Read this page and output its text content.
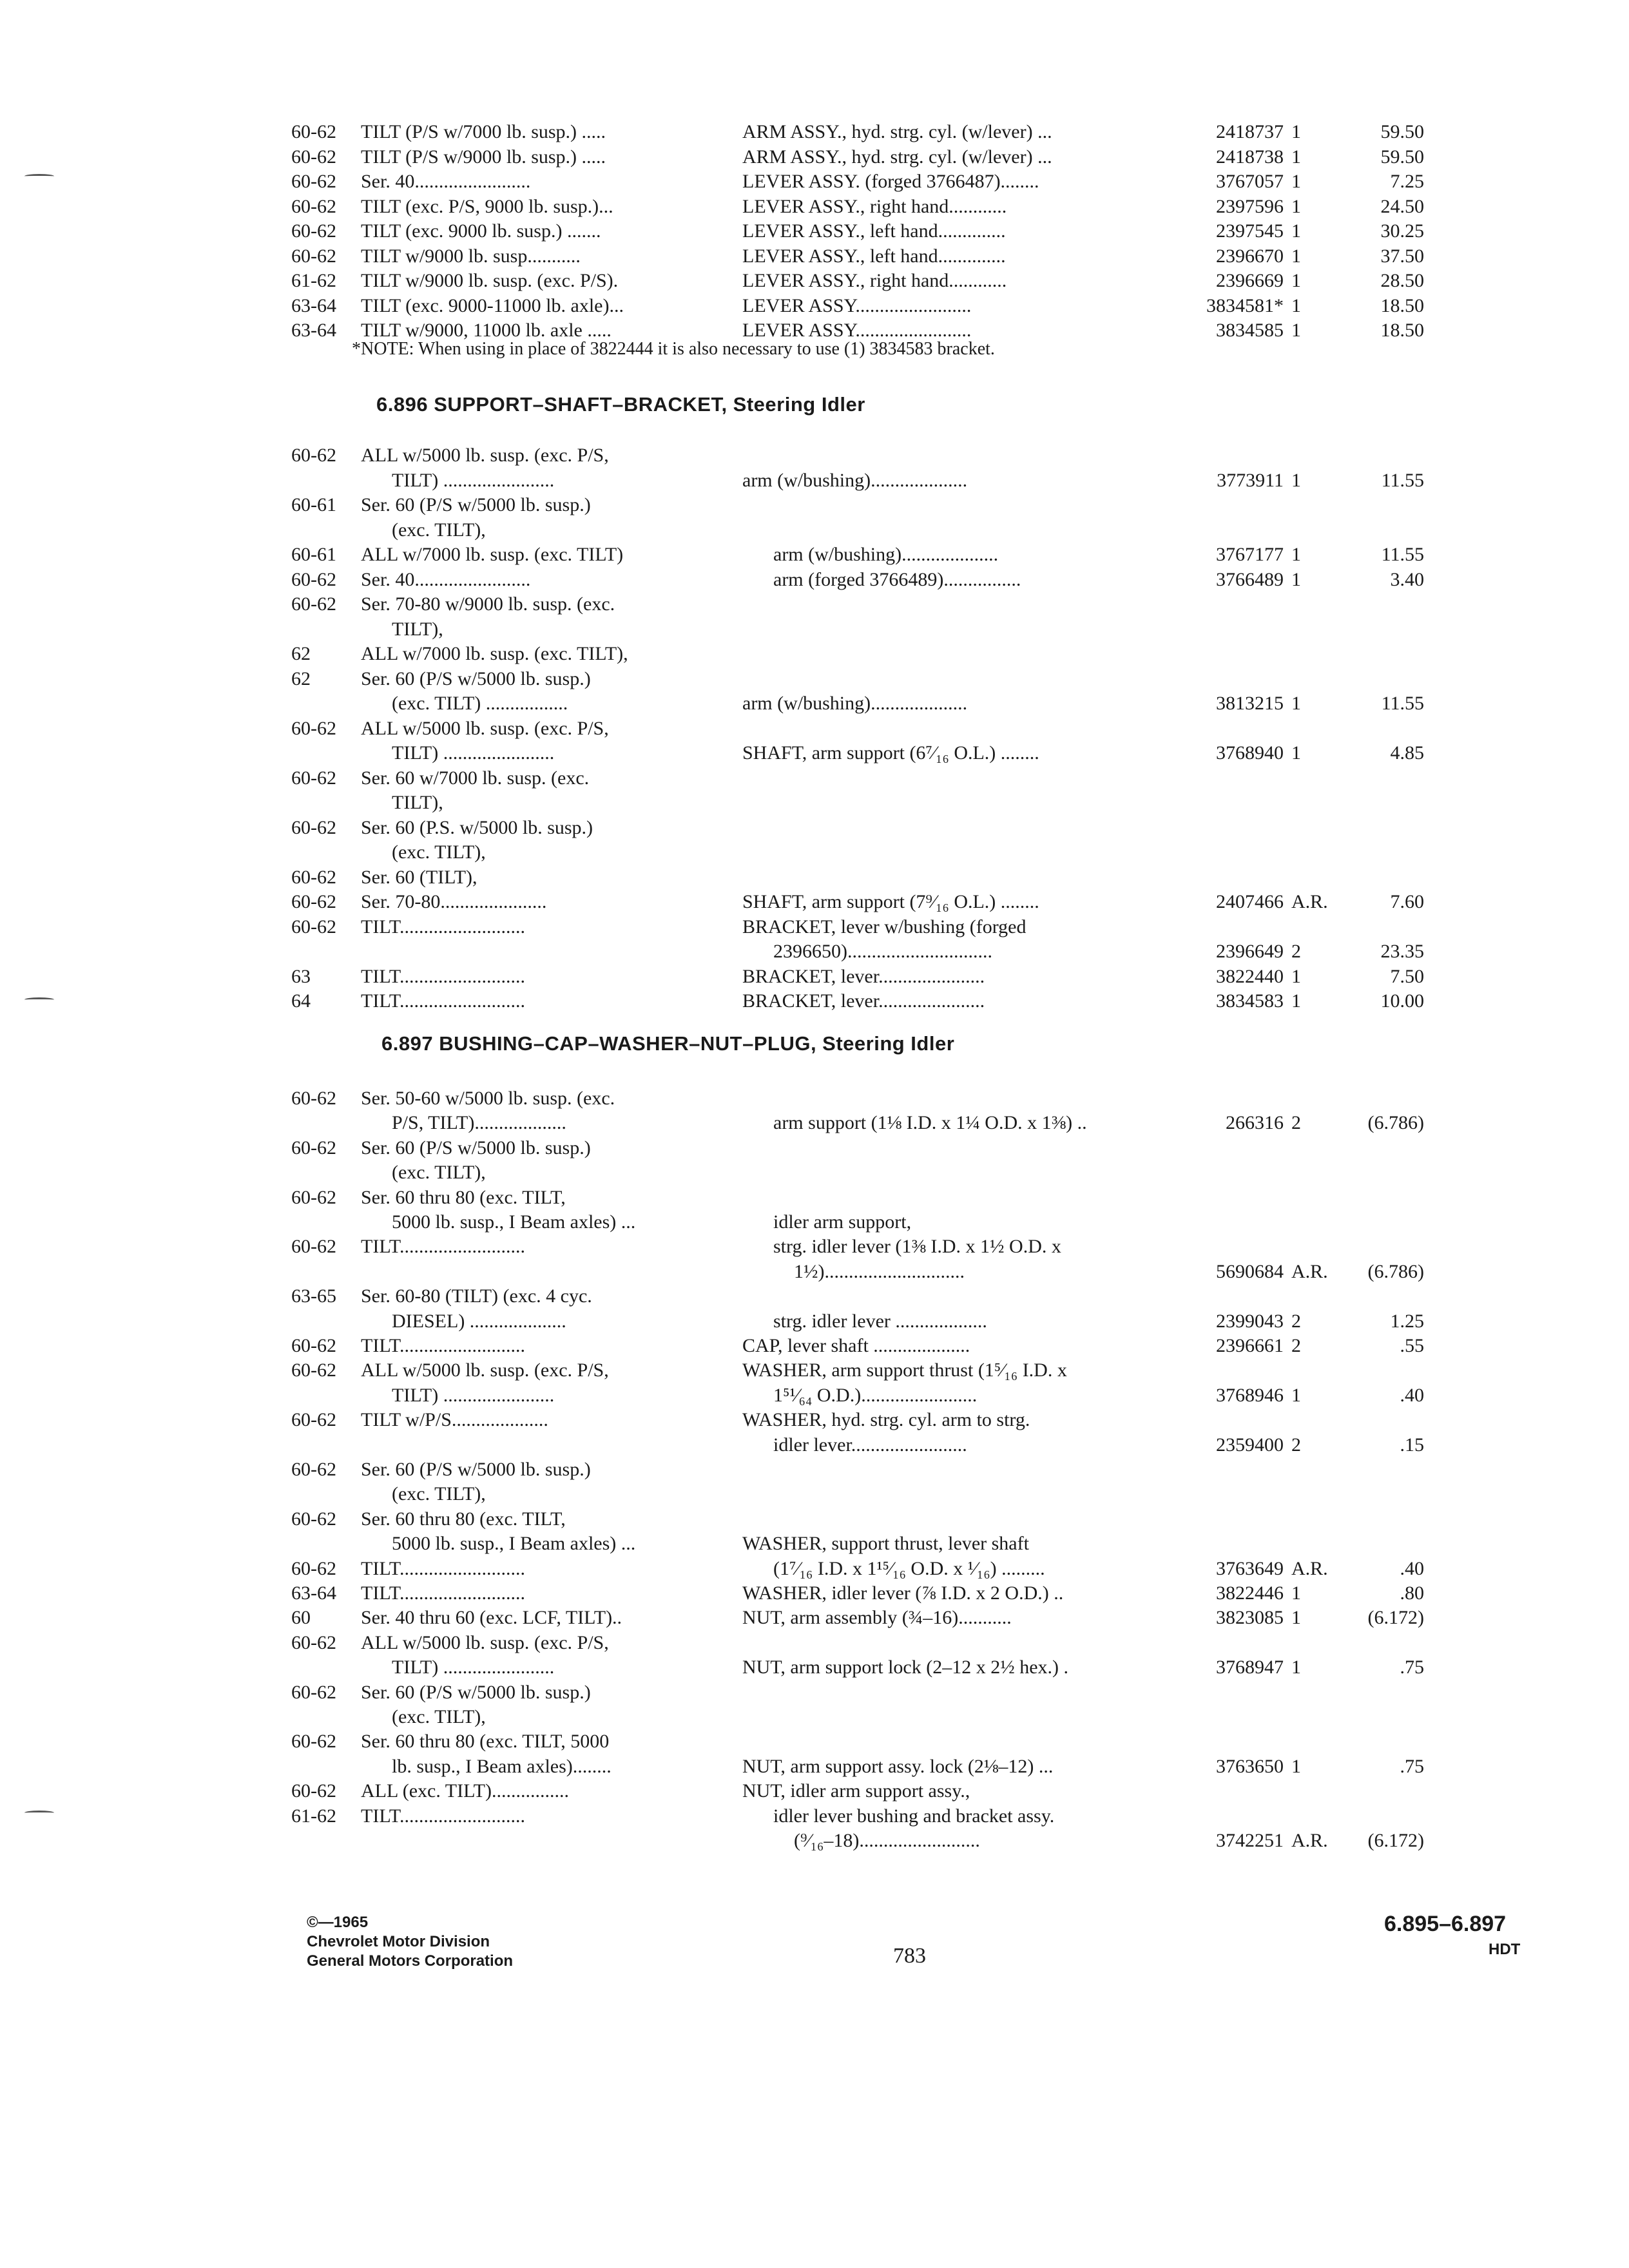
60-62 TILT (P/S w/7000 lb. susp.) .....	ARM ASSY., hyd. strg. cyl. (w/lever) ...	2418737 1	59.50
60-62 TILT (P/S w/9000 lb. susp.) .....	ARM ASSY., hyd. strg. cyl. (w/lever) ...	2418738 1	59.50
60-62 Ser. 40........................	LEVER ASSY. (forged 3766487)........	3767057 1	7.25
60-62 TILT (exc. P/S, 9000 lb. susp.)...	LEVER ASSY., right hand............	2397596 1	24.50
60-62 TILT (exc. 9000 lb. susp.) .......	LEVER ASSY., left hand..............	2397545 1	30.25
60-62 TILT w/9000 lb. susp...........	LEVER ASSY., left hand..............	2396670 1	37.50
61-62 TILT w/9000 lb. susp. (exc. P/S).	LEVER ASSY., right hand............	2396669 1	28.50
63-64 TILT (exc. 9000-11000 lb. axle)...	LEVER ASSY........................	3834581* 1	18.50
63-64 TILT w/9000, 11000 lb. axle .....	LEVER ASSY........................	3834585 1	18.50
*NOTE: When using in place of 3822444 it is also necessary to use (1) 3834583 bracket.
6.896 SUPPORT–SHAFT–BRACKET, Steering Idler
60-62 ALL w/5000 lb. susp. (exc. P/S,
TILT) .......................	arm (w/bushing)....................	3773911 1	11.55
60-61 Ser. 60 (P/S w/5000 lb. susp.)
(exc. TILT),
60-61 ALL w/7000 lb. susp. (exc. TILT)	arm (w/bushing)....................	3767177 1	11.55
60-62 Ser. 40........................	arm (forged 3766489)................	3766489 1	3.40
60-62 Ser. 70-80 w/9000 lb. susp. (exc.
TILT),
62	ALL w/7000 lb. susp. (exc. TILT),
62	Ser. 60 (P/S w/5000 lb. susp.)
(exc. TILT) .................	arm (w/bushing)....................	3813215 1	11.55
60-62 ALL w/5000 lb. susp. (exc. P/S,
TILT) .......................	SHAFT, arm support (6⁷⁄₁₆ O.L.) ........	3768940 1	4.85
60-62 Ser. 60 w/7000 lb. susp. (exc.
TILT),
60-62 Ser. 60 (P.S. w/5000 lb. susp.)
(exc. TILT),
60-62 Ser. 60 (TILT),
60-62 Ser. 70-80......................	SHAFT, arm support (7⁹⁄₁₆ O.L.) ........	2407466 A.R.	7.60
60-62 TILT..........................	BRACKET, lever w/bushing (forged
2396650)..............................	2396649 2	23.35
63	TILT..........................	BRACKET, lever......................	3822440 1	7.50
64	TILT..........................	BRACKET, lever......................	3834583 1	10.00
6.897 BUSHING–CAP–WASHER–NUT–PLUG, Steering Idler
60-62 Ser. 50-60 w/5000 lb. susp. (exc.
P/S, TILT)...................	arm support (1⅛ I.D. x 1¼ O.D. x 1⅜) ..	266316 2	(6.786)
60-62 Ser. 60 (P/S w/5000 lb. susp.)
(exc. TILT),
60-62 Ser. 60 thru 80 (exc. TILT,
5000 lb. susp., I Beam axles) ...	idler arm support,
60-62 TILT..........................	strg. idler lever (1⅜ I.D. x 1½ O.D. x
1½).............................	5690684 A.R.	(6.786)
63-65 Ser. 60-80 (TILT) (exc. 4 cyc.
DIESEL) ....................	strg. idler lever ...................	2399043 2	1.25
60-62 TILT..........................	CAP, lever shaft ....................	2396661 2	.55
60-62 ALL w/5000 lb. susp. (exc. P/S,	WASHER, arm support thrust (1⁵⁄₁₆ I.D. x
TILT) .......................	1⁵¹⁄₆₄ O.D.)........................	3768946 1	.40
60-62 TILT w/P/S....................	WASHER, hyd. strg. cyl. arm to strg.
idler lever........................	2359400 2	.15
60-62 Ser. 60 (P/S w/5000 lb. susp.)
(exc. TILT),
60-62 Ser. 60 thru 80 (exc. TILT,
5000 lb. susp., I Beam axles) ...	WASHER, support thrust, lever shaft
60-62 TILT..........................	(1⁷⁄₁₆ I.D. x 1¹⁵⁄₁₆ O.D. x ¹⁄₁₆) .........	3763649 A.R.	.40
63-64 TILT..........................	WASHER, idler lever (⅞ I.D. x 2 O.D.) ..	3822446 1	.80
60	Ser. 40 thru 60 (exc. LCF, TILT)..	NUT, arm assembly (¾–16)...........	3823085 1	(6.172)
60-62 ALL w/5000 lb. susp. (exc. P/S,
TILT) .......................	NUT, arm support lock (2–12 x 2½ hex.) .	3768947 1	.75
60-62 Ser. 60 (P/S w/5000 lb. susp.)
(exc. TILT),
60-62 Ser. 60 thru 80 (exc. TILT, 5000
lb. susp., I Beam axles)........	NUT, arm support assy. lock (2⅛–12) ...	3763650 1	.75
60-62 ALL (exc. TILT)................	NUT, idler arm support assy.,
61-62 TILT..........................	idler lever bushing and bracket assy.
(⁹⁄₁₆–18).........................	3742251 A.R.	(6.172)
©—1965
Chevrolet Motor Division
General Motors Corporation	783
6.895–6.897
HDT
